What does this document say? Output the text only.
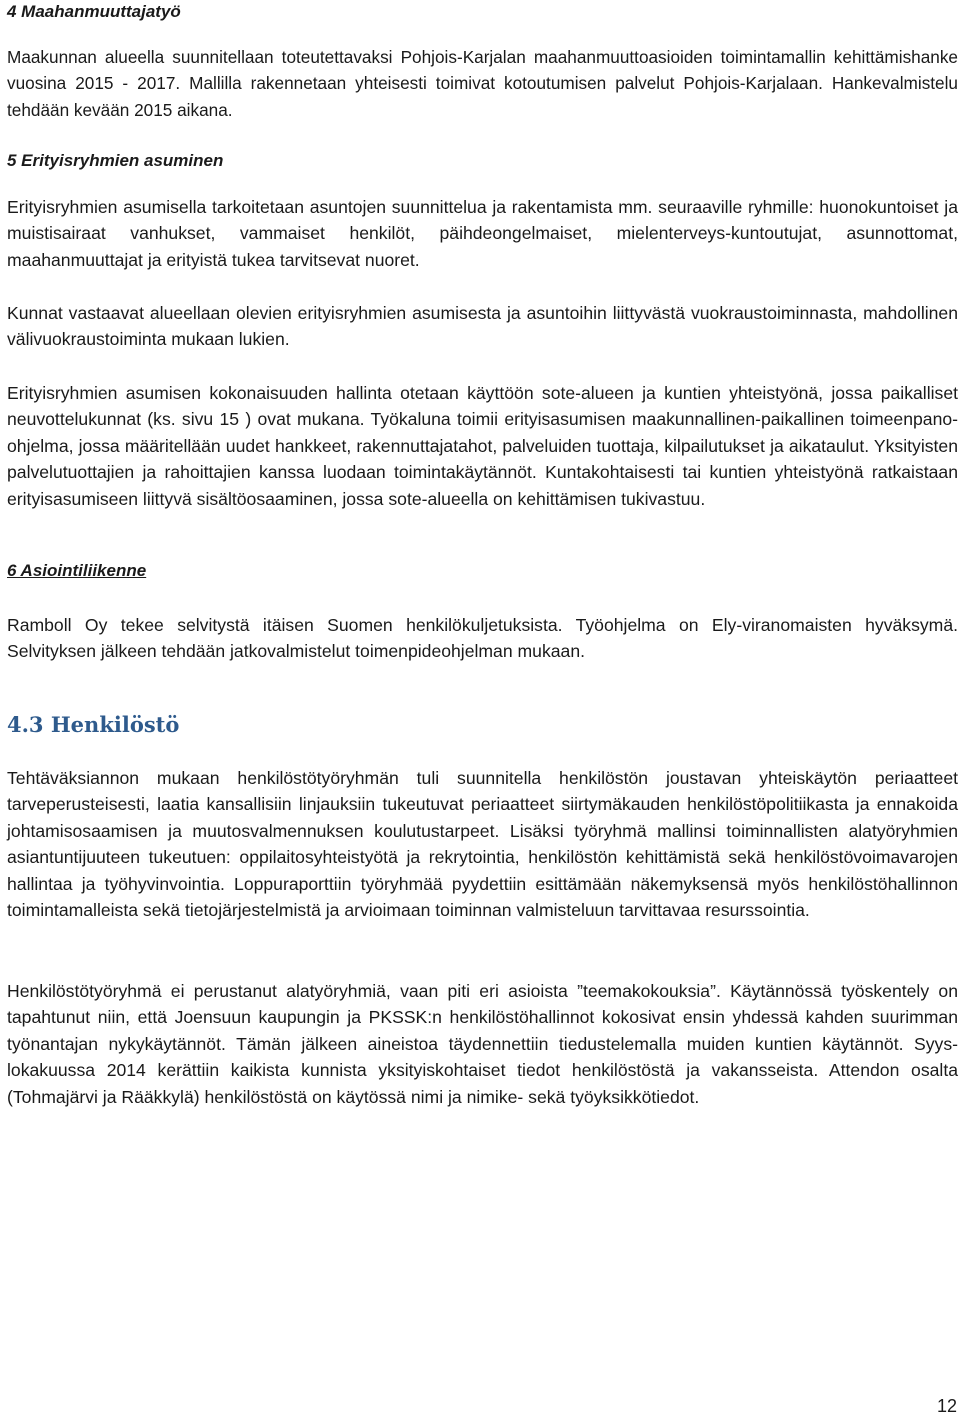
4 Maahanmuuttajatyö

Maakunnan alueella suunnitellaan toteutettavaksi Pohjois-Karjalan maahanmuuttoasioiden toimintamallin kehittämishanke vuosina 2015 - 2017. Mallilla rakennetaan yhteisesti toimivat kotoutumisen palvelut Pohjois-Karjalaan. Hankevalmistelu tehdään kevään 2015 aikana.

5 Erityisryhmien asuminen

Erityisryhmien asumisella tarkoitetaan asuntojen suunnittelua ja rakentamista mm. seuraaville ryhmille: huonokuntoiset ja muistisairaat vanhukset, vammaiset henkilöt, päihdeongelmaiset, mielenterveys-kuntoutujat, asunnottomat, maahanmuuttajat ja erityistä tukea tarvitsevat nuoret.

Kunnat vastaavat alueellaan olevien erityisryhmien asumisesta ja asuntoihin liittyvästä vuokraustoiminnasta, mahdollinen välivuokraustoiminta mukaan lukien.

Erityisryhmien asumisen kokonaisuuden hallinta otetaan käyttöön sote-alueen ja kuntien yhteistyönä, jossa paikalliset neuvottelukunnat (ks. sivu 15 ) ovat mukana. Työkaluna toimii erityisasumisen maakunnallinen-paikallinen toimeenpano-ohjelma, jossa määritellään uudet hankkeet, rakennuttajatahot, palveluiden tuottaja, kilpailutukset ja aikataulut. Yksityisten palvelutuottajien ja rahoittajien kanssa luodaan toimintakäytännöt. Kuntakohtaisesti tai kuntien yhteistyönä ratkaistaan erityisasumiseen liittyvä sisältöosaaminen, jossa sote-alueella on kehittämisen tukivastuu.

6 Asiointiliikenne

Ramboll Oy tekee selvitystä itäisen Suomen henkilökuljetuksista. Työohjelma on Ely-viranomaisten hyväksymä. Selvityksen jälkeen tehdään jatkovalmistelut toimenpideohjelman mukaan.

4.3 Henkilöstö

Tehtäväksiannon mukaan henkilöstötyöryhmän tuli suunnitella henkilöstön joustavan yhteiskäytön periaatteet tarveperusteisesti, laatia kansallisiin linjauksiin tukeutuvat periaatteet siirtymäkauden henkilöstöpolitiikasta ja ennakoida johtamisosaamisen ja muutosvalmennuksen koulutustarpeet. Lisäksi työryhmä mallinsi toiminnallisten alatyöryhmien asiantuntijuuteen tukeutuen: oppilaitosyhteistyötä ja rekrytointia, henkilöstön kehittämistä sekä henkilöstövoimavarojen hallintaa ja työhyvinvointia. Loppuraporttiin työryhmää pyydettiin esittämään näkemyksensä myös henkilöstöhallinnon toimintamalleista sekä tietojärjestelmistä ja arvioimaan toiminnan valmisteluun tarvittavaa resurssointia.

Henkilöstötyöryhmä ei perustanut alatyöryhmiä, vaan piti eri asioista ”teemakokouksia”. Käytännössä työskentely on tapahtunut niin, että Joensuun kaupungin ja PKSSK:n henkilöstöhallinnot kokosivat ensin yhdessä kahden suurimman työnantajan nykykäytännöt. Tämän jälkeen aineistoa täydennettiin tiedustelemalla muiden kuntien käytännöt. Syys-lokakuussa 2014 kerättiin kaikista kunnista yksityiskohtaiset tiedot henkilöstöstä ja vakansseista. Attendon osalta (Tohmajärvi ja Rääkkylä) henkilöstöstä on käytössä nimi ja nimike- sekä työyksikkötiedot.

12
